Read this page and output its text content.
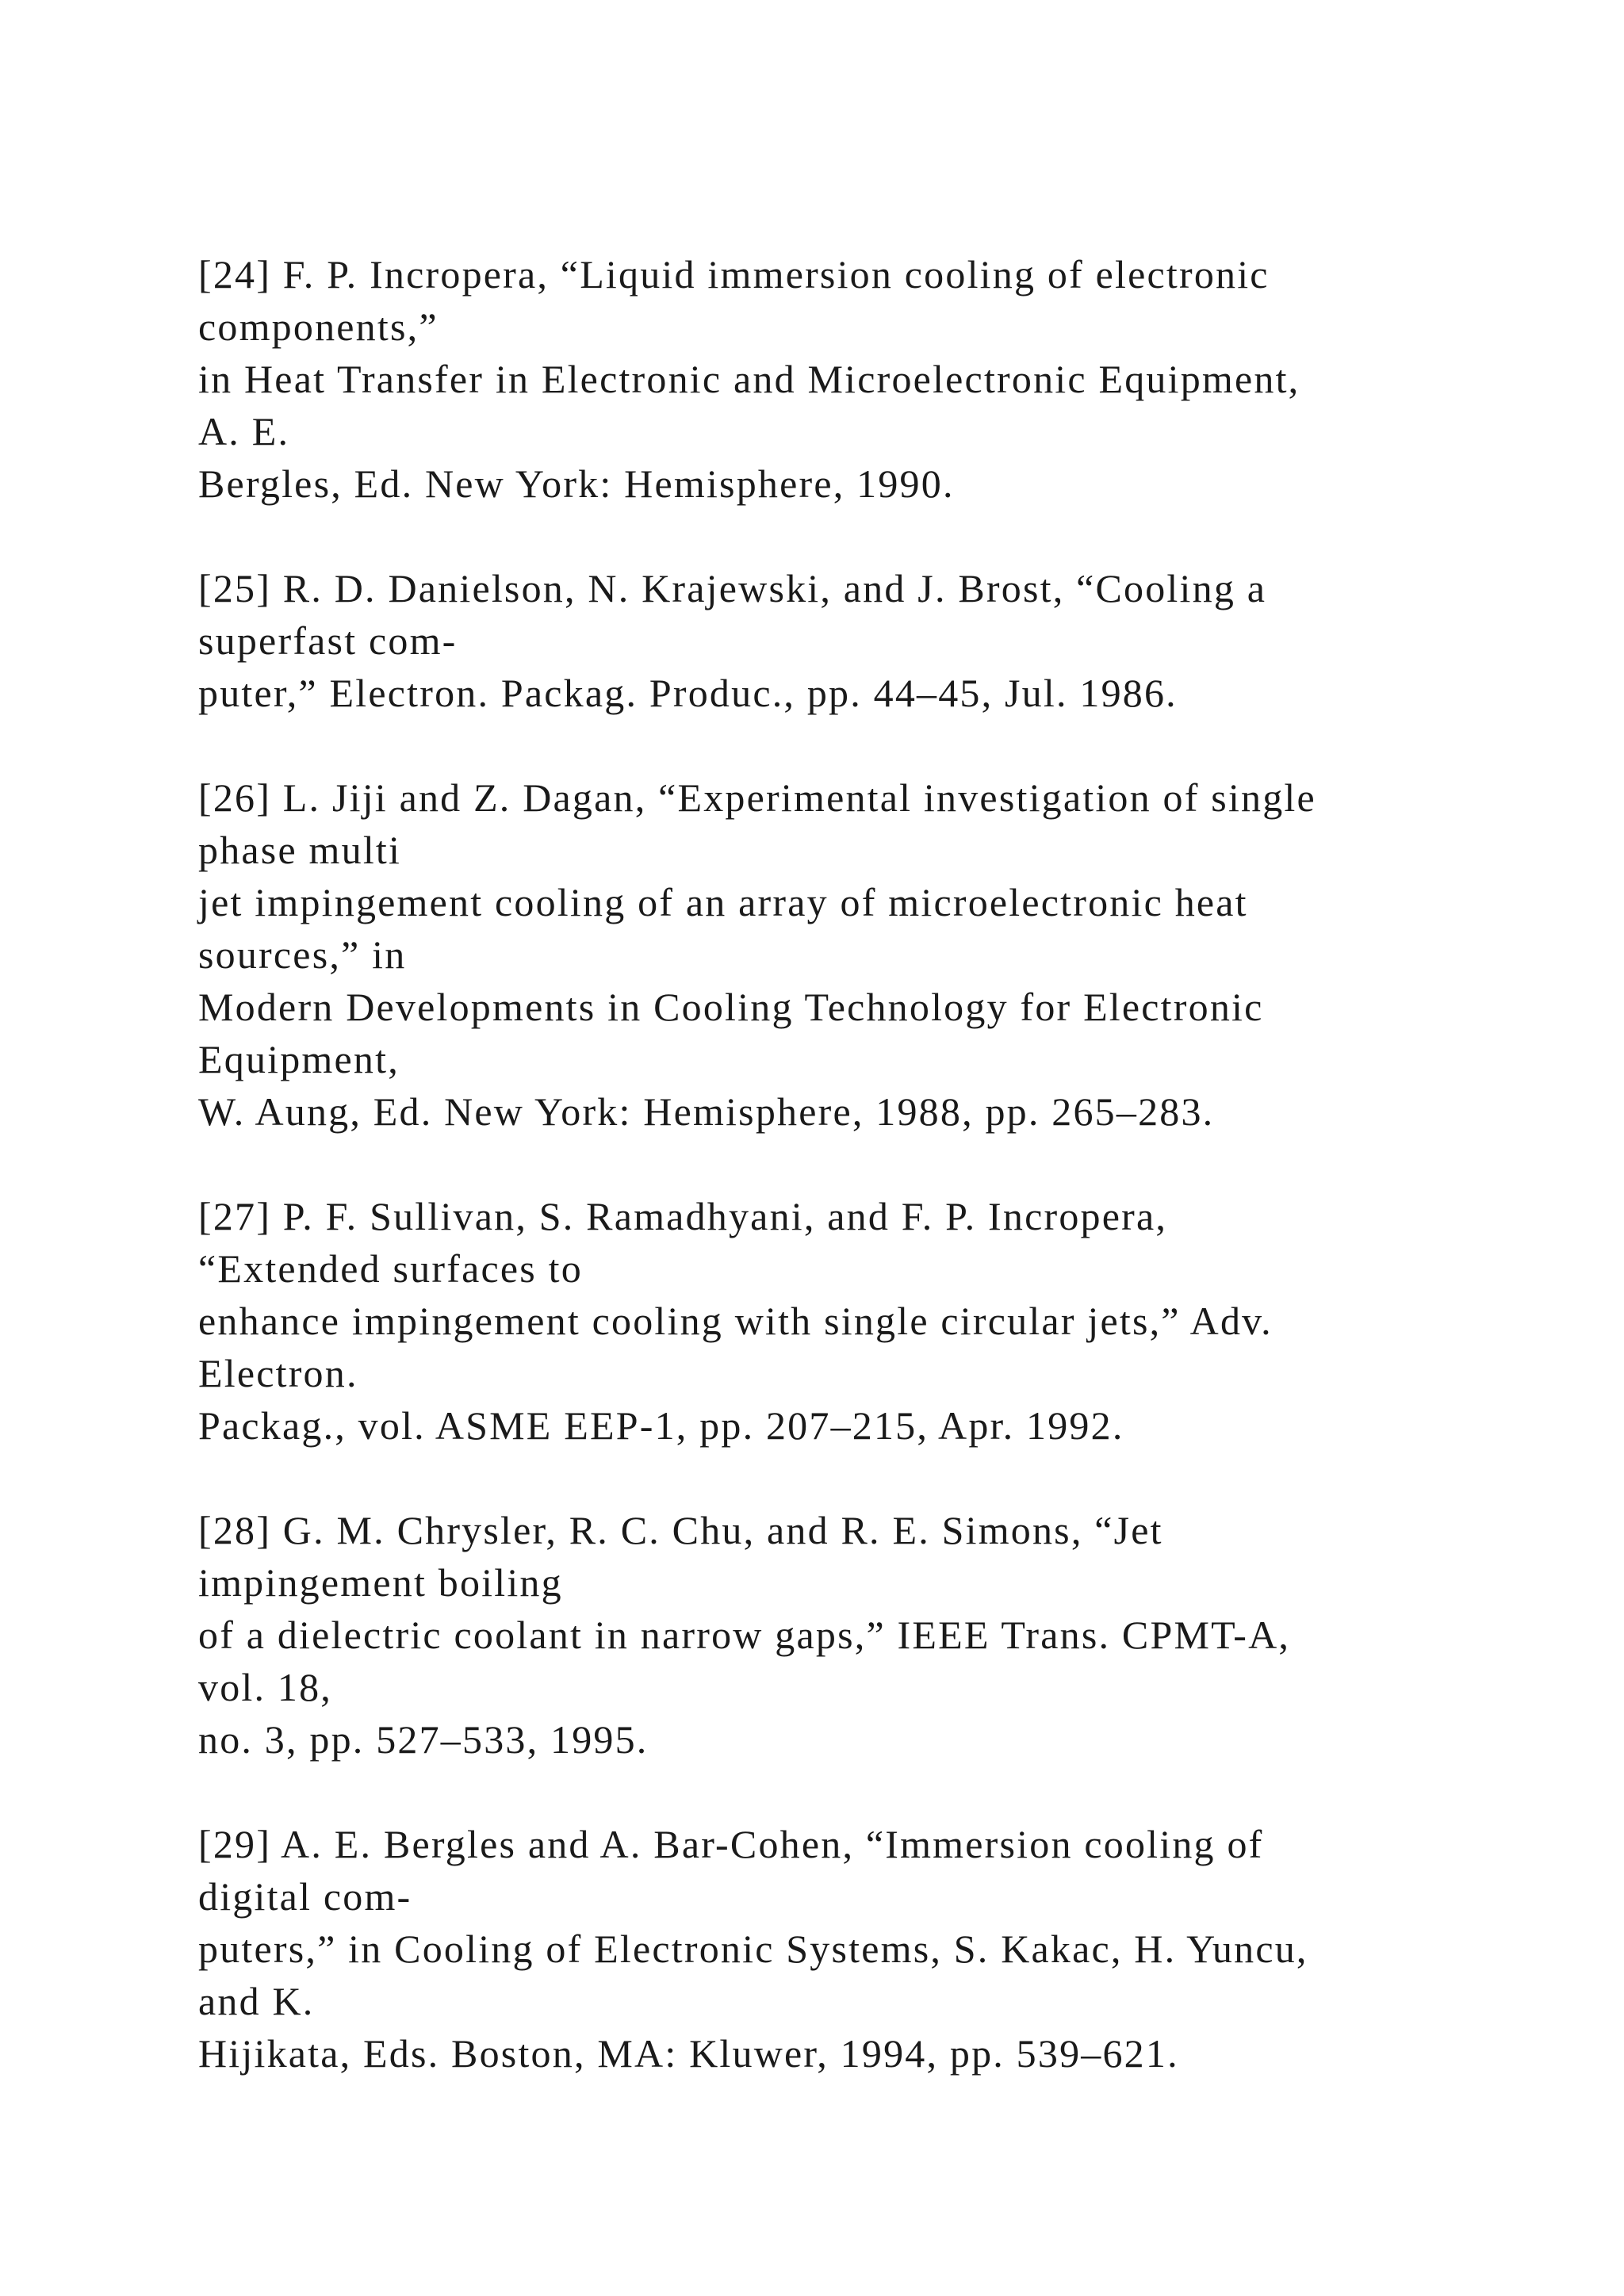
[24] F. P. Incropera, “Liquid immersion cooling of electronic
components,”
in Heat Transfer in Electronic and Microelectronic Equipment,
A. E.
Bergles, Ed. New York: Hemisphere, 1990.
[25] R. D. Danielson, N. Krajewski, and J. Brost, “Cooling a
superfast com-
puter,” Electron. Packag. Produc., pp. 44–45, Jul. 1986.
[26] L. Jiji and Z. Dagan, “Experimental investigation of single
phase multi
jet impingement cooling of an array of microelectronic heat
sources,” in
Modern Developments in Cooling Technology for Electronic
Equipment,
W. Aung, Ed. New York: Hemisphere, 1988, pp. 265–283.
[27] P. F. Sullivan, S. Ramadhyani, and F. P. Incropera,
“Extended surfaces to
enhance impingement cooling with single circular jets,” Adv.
Electron.
Packag., vol. ASME EEP-1, pp. 207–215, Apr. 1992.
[28] G. M. Chrysler, R. C. Chu, and R. E. Simons, “Jet
impingement boiling
of a dielectric coolant in narrow gaps,” IEEE Trans. CPMT-A,
vol. 18,
no. 3, pp. 527–533, 1995.
[29] A. E. Bergles and A. Bar-Cohen, “Immersion cooling of
digital com-
puters,” in Cooling of Electronic Systems, S. Kakac, H. Yuncu,
and K.
Hijikata, Eds. Boston, MA: Kluwer, 1994, pp. 539–621.
